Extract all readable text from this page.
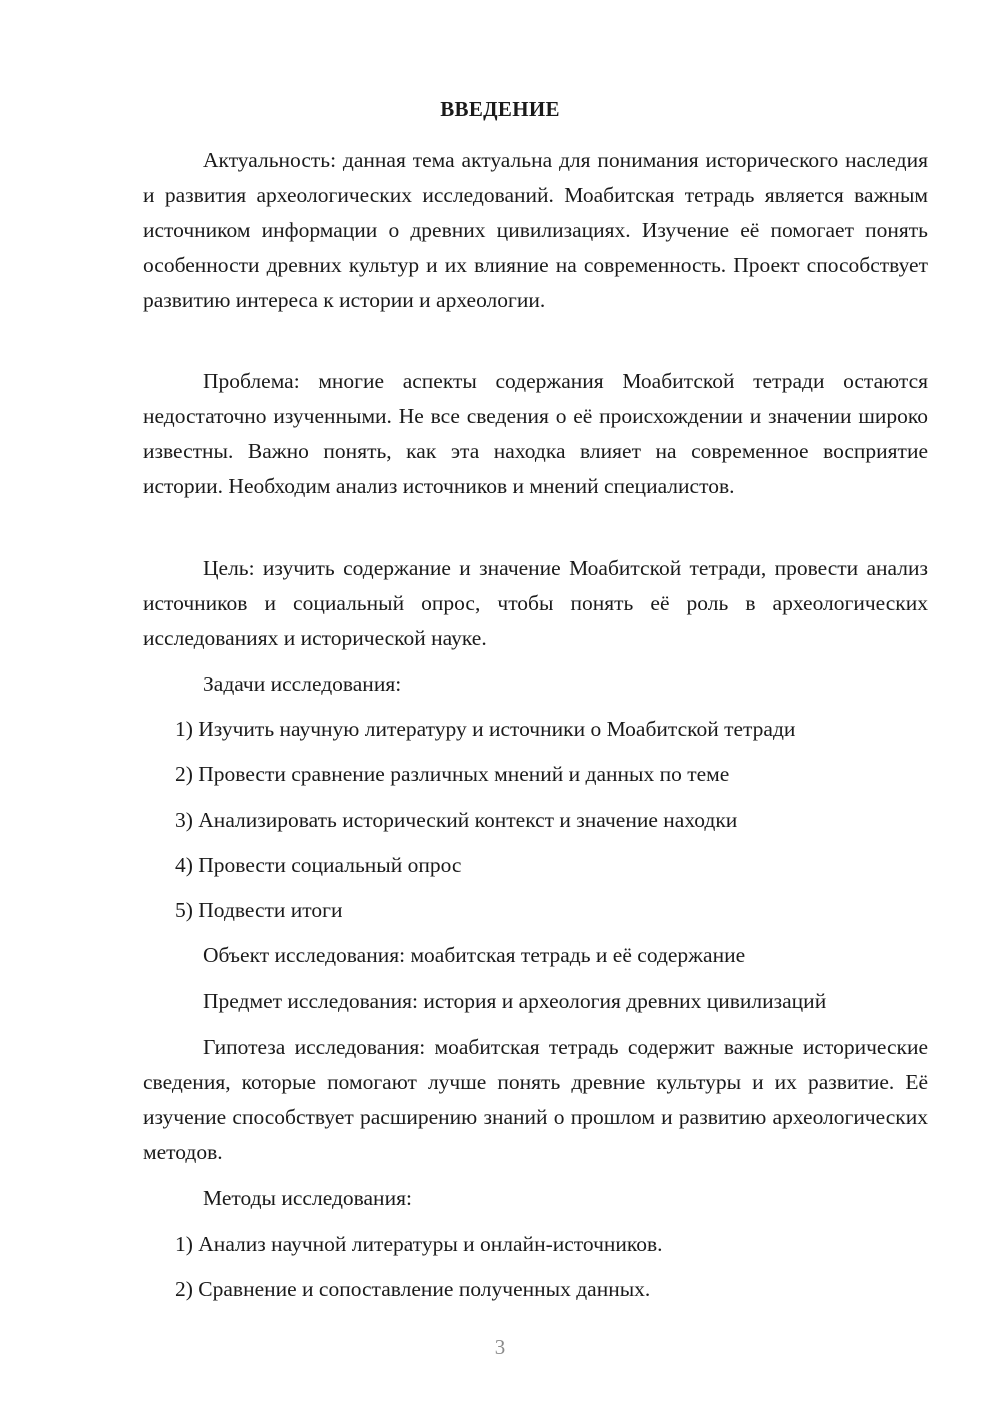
ВВЕДЕНИЕ

Актуальность: данная тема актуальна для понимания исторического наследия и развития археологических исследований. Моабитская тетрадь является важным источником информации о древних цивилизациях. Изучение её помогает понять особенности древних культур и их влияние на современность. Проект способствует развитию интереса к истории и археологии.

Проблема: многие аспекты содержания Моабитской тетради остаются недостаточно изученными. Не все сведения о её происхождении и значении широко известны. Важно понять, как эта находка влияет на современное восприятие истории. Необходим анализ источников и мнений специалистов.

Цель: изучить содержание и значение Моабитской тетради, провести анализ источников и социальный опрос, чтобы понять её роль в археологических исследованиях и исторической науке.

Задачи исследования:

1) Изучить научную литературу и источники о Моабитской тетради

2) Провести сравнение различных мнений и данных по теме

3) Анализировать исторический контекст и значение находки

4) Провести социальный опрос

5) Подвести итоги

Объект исследования: моабитская тетрадь и её содержание

Предмет исследования: история и археология древних цивилизаций

Гипотеза исследования: моабитская тетрадь содержит важные исторические сведения, которые помогают лучше понять древние культуры и их развитие. Её изучение способствует расширению знаний о прошлом и развитию археологических методов.

Методы исследования:

1) Анализ научной литературы и онлайн-источников.

2) Сравнение и сопоставление полученных данных.

3
